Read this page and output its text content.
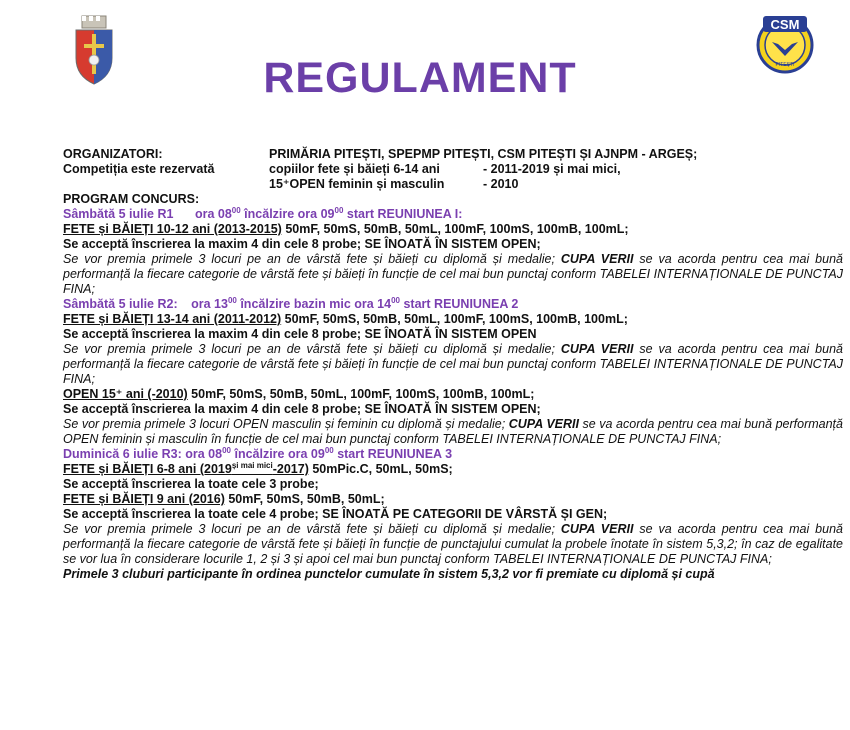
CSM
PITEȘTI
REGULAMENT
ORGANIZATORI:	PRIMĂRIA PITEȘTI, SPEPMP PITEȘTI, CSM PITEȘTI ȘI AJNPM - ARGEȘ;
Competiția este rezervată	copiilor fete și băieți 6-14 ani	- 2011-2019 și mai mici,
15⁺OPEN feminin și masculin	- 2010
PROGRAM CONCURS:
Sâmbătă 5 iulie R1 ora $08^{00}$ încălzire ora $09^{00}$ start REUNIUNEA I:
FETE și BĂIEȚI 10-12 ani (2013-2015) 50mF, 50mS, 50mB, 50mL, 100mF, 100mS, 100mB, 100mL;
Se acceptă înscrierea la maxim 4 din cele 8 probe; SE ÎNOATĂ ÎN SISTEM OPEN;

Se vor premia primele 3 locuri pe an de vârstă fete și băieți cu diplomă și medalie; CUPA VERII se va acorda pentru cea mai bună performanță la fiecare categorie de vârstă fete și băieți în funcție de cel mai bun punctaj conform TABELEI INTERNAȚIONALE DE PUNCTAJ FINA;

Sâmbătă 5 iulie R2: ora $13^{00}$ încălzire bazin mic ora $14^{00}$ start REUNIUNEA 2
FETE și BĂIEȚI 13-14 ani (2011-2012) 50mF, 50mS, 50mB, 50mL, 100mF, 100mS, 100mB, 100mL;
Se acceptă înscrierea la maxim 4 din cele 8 probe; SE ÎNOATĂ ÎN SISTEM OPEN

Se vor premia primele 3 locuri pe an de vârstă fete și băieți cu diplomă și medalie; CUPA VERII se va acorda pentru cea mai bună performanță la fiecare categorie de vârstă fete și băieți în funcție de cel mai bun punctaj conform TABELEI INTERNAȚIONALE DE PUNCTAJ FINA;

OPEN 15⁺ ani (-2010) 50mF, 50mS, 50mB, 50mL, 100mF, 100mS, 100mB, 100mL;
Se acceptă înscrierea la maxim 4 din cele 8 probe; SE ÎNOATĂ ÎN SISTEM OPEN;

Se vor premia primele 3 locuri OPEN masculin și feminin cu diplomă și medalie; CUPA VERII se va acorda pentru cea mai bună performanță OPEN feminin și masculin în funcție de cel mai bun punctaj conform TABELEI INTERNAȚIONALE DE PUNCTAJ FINA;

Duminică 6 iulie R3: ora $08^{00}$ încălzire ora $09^{00}$ start REUNIUNEA 3
FETE și BĂIEȚI 6-8 ani $(2019^{și mai mici}-2017)$ 50mPic.C, 50mL, 50mS;
Se acceptă înscrierea la toate cele 3 probe;
FETE și BĂIEȚI 9 ani (2016) 50mF, 50mS, 50mB, 50mL;
Se acceptă înscrierea la toate cele 4 probe; SE ÎNOATĂ PE CATEGORII DE VÂRSTĂ ȘI GEN;

Se vor premia primele 3 locuri pe an de vârstă fete și băieți cu diplomă și medalie; CUPA VERII se va acorda pentru cea mai bună performanță la fiecare categorie de vârstă fete și băieți în funcție de punctajului cumulat la probele înotate în sistem 5,3,2; în caz de egalitate se vor lua în considerare locurile 1, 2 și 3 și apoi cel mai bun punctaj conform TABELEI INTERNAȚIONALE DE PUNCTAJ FINA;

Primele 3 cluburi participante în ordinea punctelor cumulate în sistem 5,3,2 vor fi premiate cu diplomă și cupă
